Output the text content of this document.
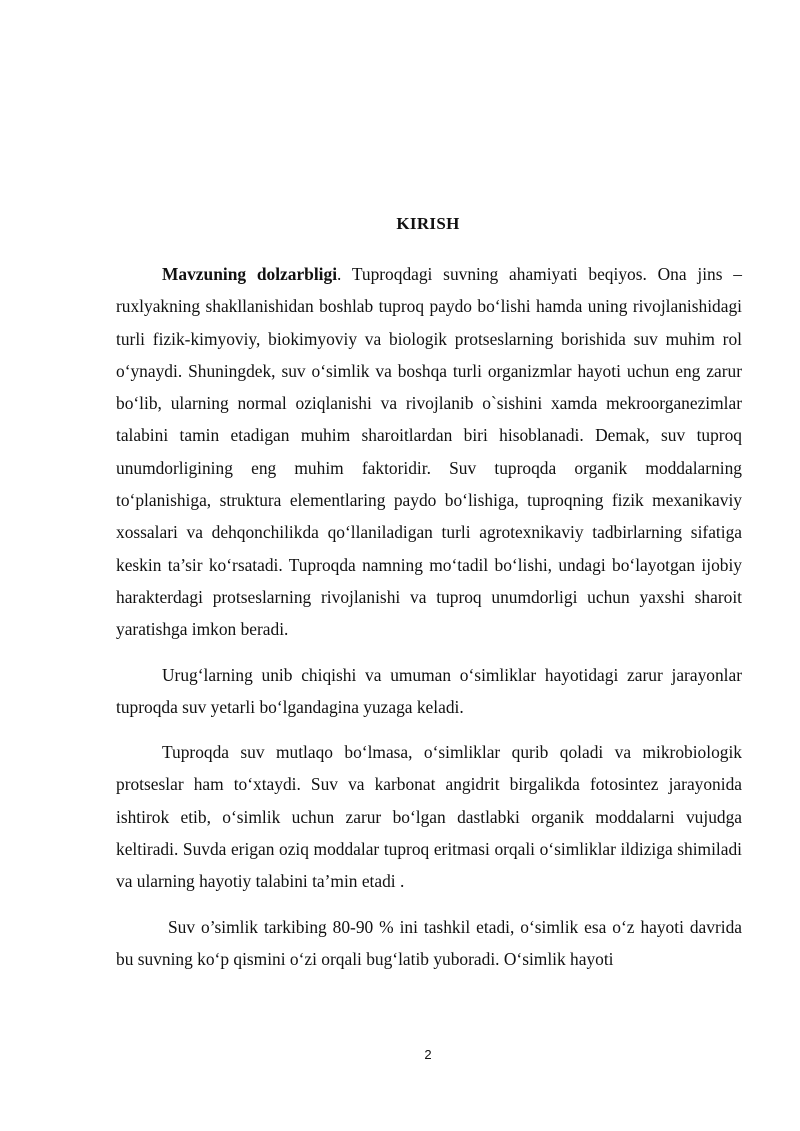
KIRISH

Mavzuning dolzarbligi. Tuproqdagi suvning ahamiyati beqiyos. Ona jins – ruxlyakning shakllanishidan boshlab tuproq paydo bo‘lishi hamda uning rivojlanishidagi turli fizik-kimyoviy, biokimyoviy va biologik protseslarning borishida suv muhim rol o‘ynaydi. Shuningdek, suv o‘simlik va boshqa turli organizmlar hayoti uchun eng zarur bo‘lib, ularning normal oziqlanishi va rivojlanib o`sishini xamda mekroorganezimlar talabini tamin etadigan muhim sharoitlardan biri hisoblanadi. Demak, suv tuproq unumdorligining eng muhim faktoridir. Suv tuproqda organik moddalarning to‘planishiga, struktura elementlaring paydo bo‘lishiga, tuproqning fizik mexanikaviy xossalari va dehqonchilikda qo‘llaniladigan turli agrotexnikaviy tadbirlarning sifatiga keskin ta’sir ko‘rsatadi. Tuproqda namning mo‘tadil bo‘lishi, undagi bo‘layotgan ijobiy harakterdagi protseslarning rivojlanishi va tuproq unumdorligi uchun yaxshi sharoit yaratishga imkon beradi.

Urug‘larning unib chiqishi va umuman o‘simliklar hayotidagi zarur jarayonlar tuproqda suv yetarli bo‘lgandagina yuzaga keladi.

Tuproqda suv mutlaqo bo‘lmasa, o‘simliklar qurib qoladi va mikrobiologik protseslar ham to‘xtaydi. Suv va karbonat angidrit birgalikda fotosintez jarayonida ishtirok etib, o‘simlik uchun zarur bo‘lgan dastlabki organik moddalarni vujudga keltiradi. Suvda erigan oziq moddalar tuproq eritmasi orqali o‘simliklar ildiziga shimiladi va ularning hayotiy talabini ta’min etadi .

Suv o’simlik tarkibing 80-90 % ini tashkil etadi, o‘simlik esa o‘z hayoti davrida bu suvning ko‘p qismini o‘zi orqali bug‘latib yuboradi. O‘simlik hayoti

2
